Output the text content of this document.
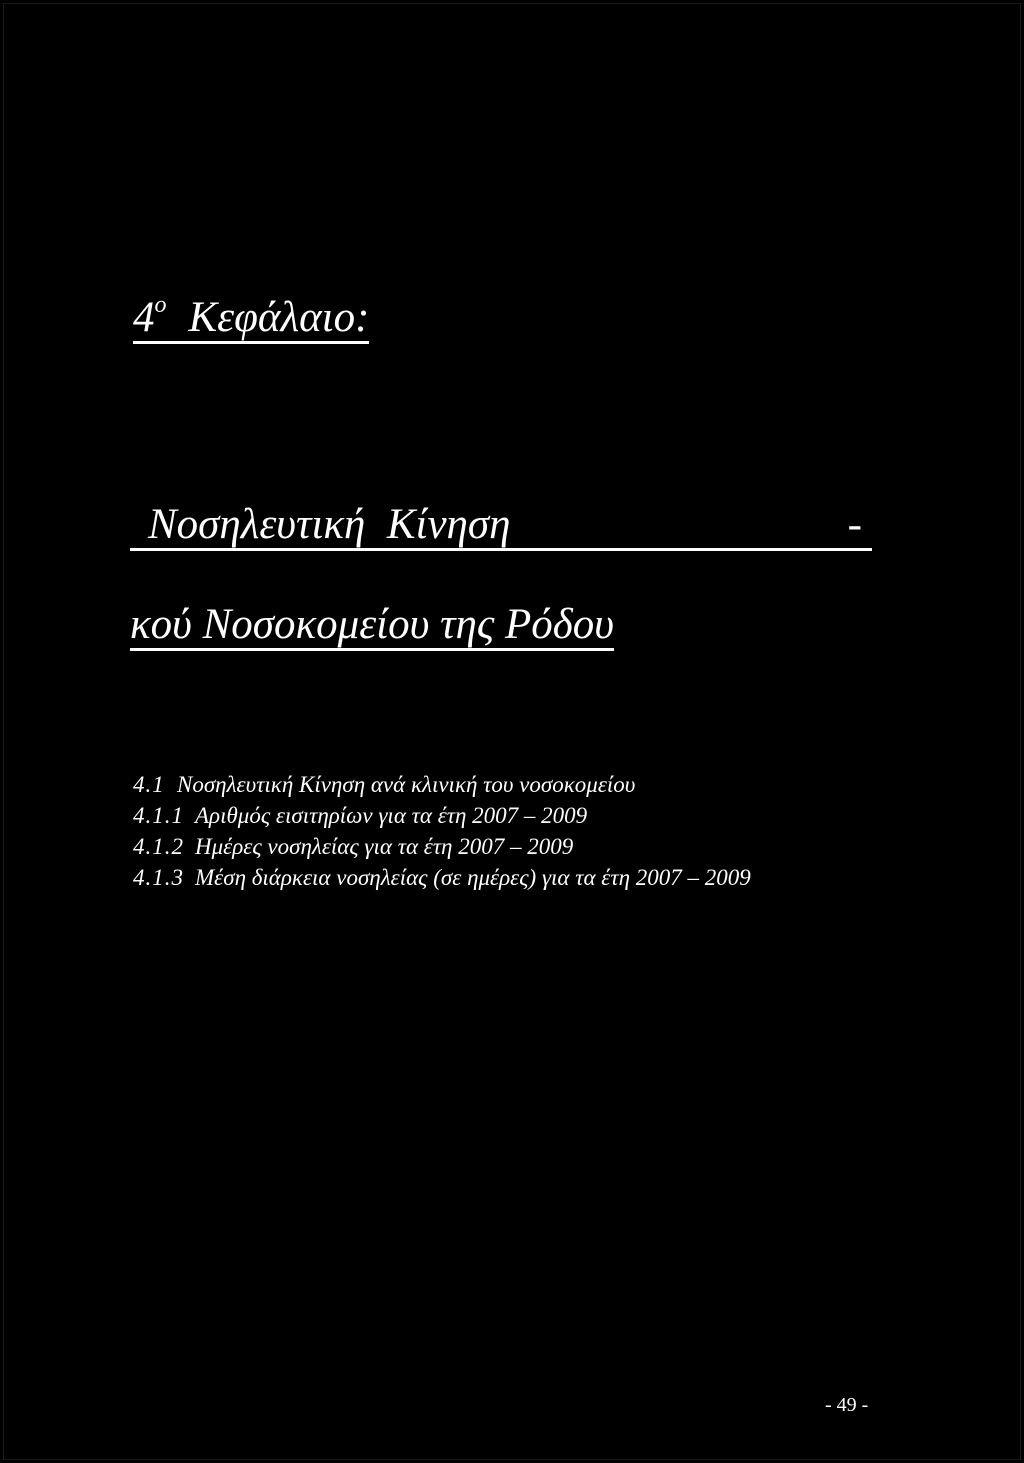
$4^o$ Κεφάλαιο:
Νοσηλευτική  Κίνηση	-
κού Νοσοκομείου της Ρόδου
4.1 Νοσηλευτική Κίνηση ανά κλινική του νοσοκομείου
4.1.1 Αριθμός εισιτηρίων για τα έτη 2007 – 2009
4.1.2 Ημέρες νοσηλείας για τα έτη 2007 – 2009
4.1.3 Μέση διάρκεια νοσηλείας (σε ημέρες) για τα έτη 2007 – 2009
- 49 -
